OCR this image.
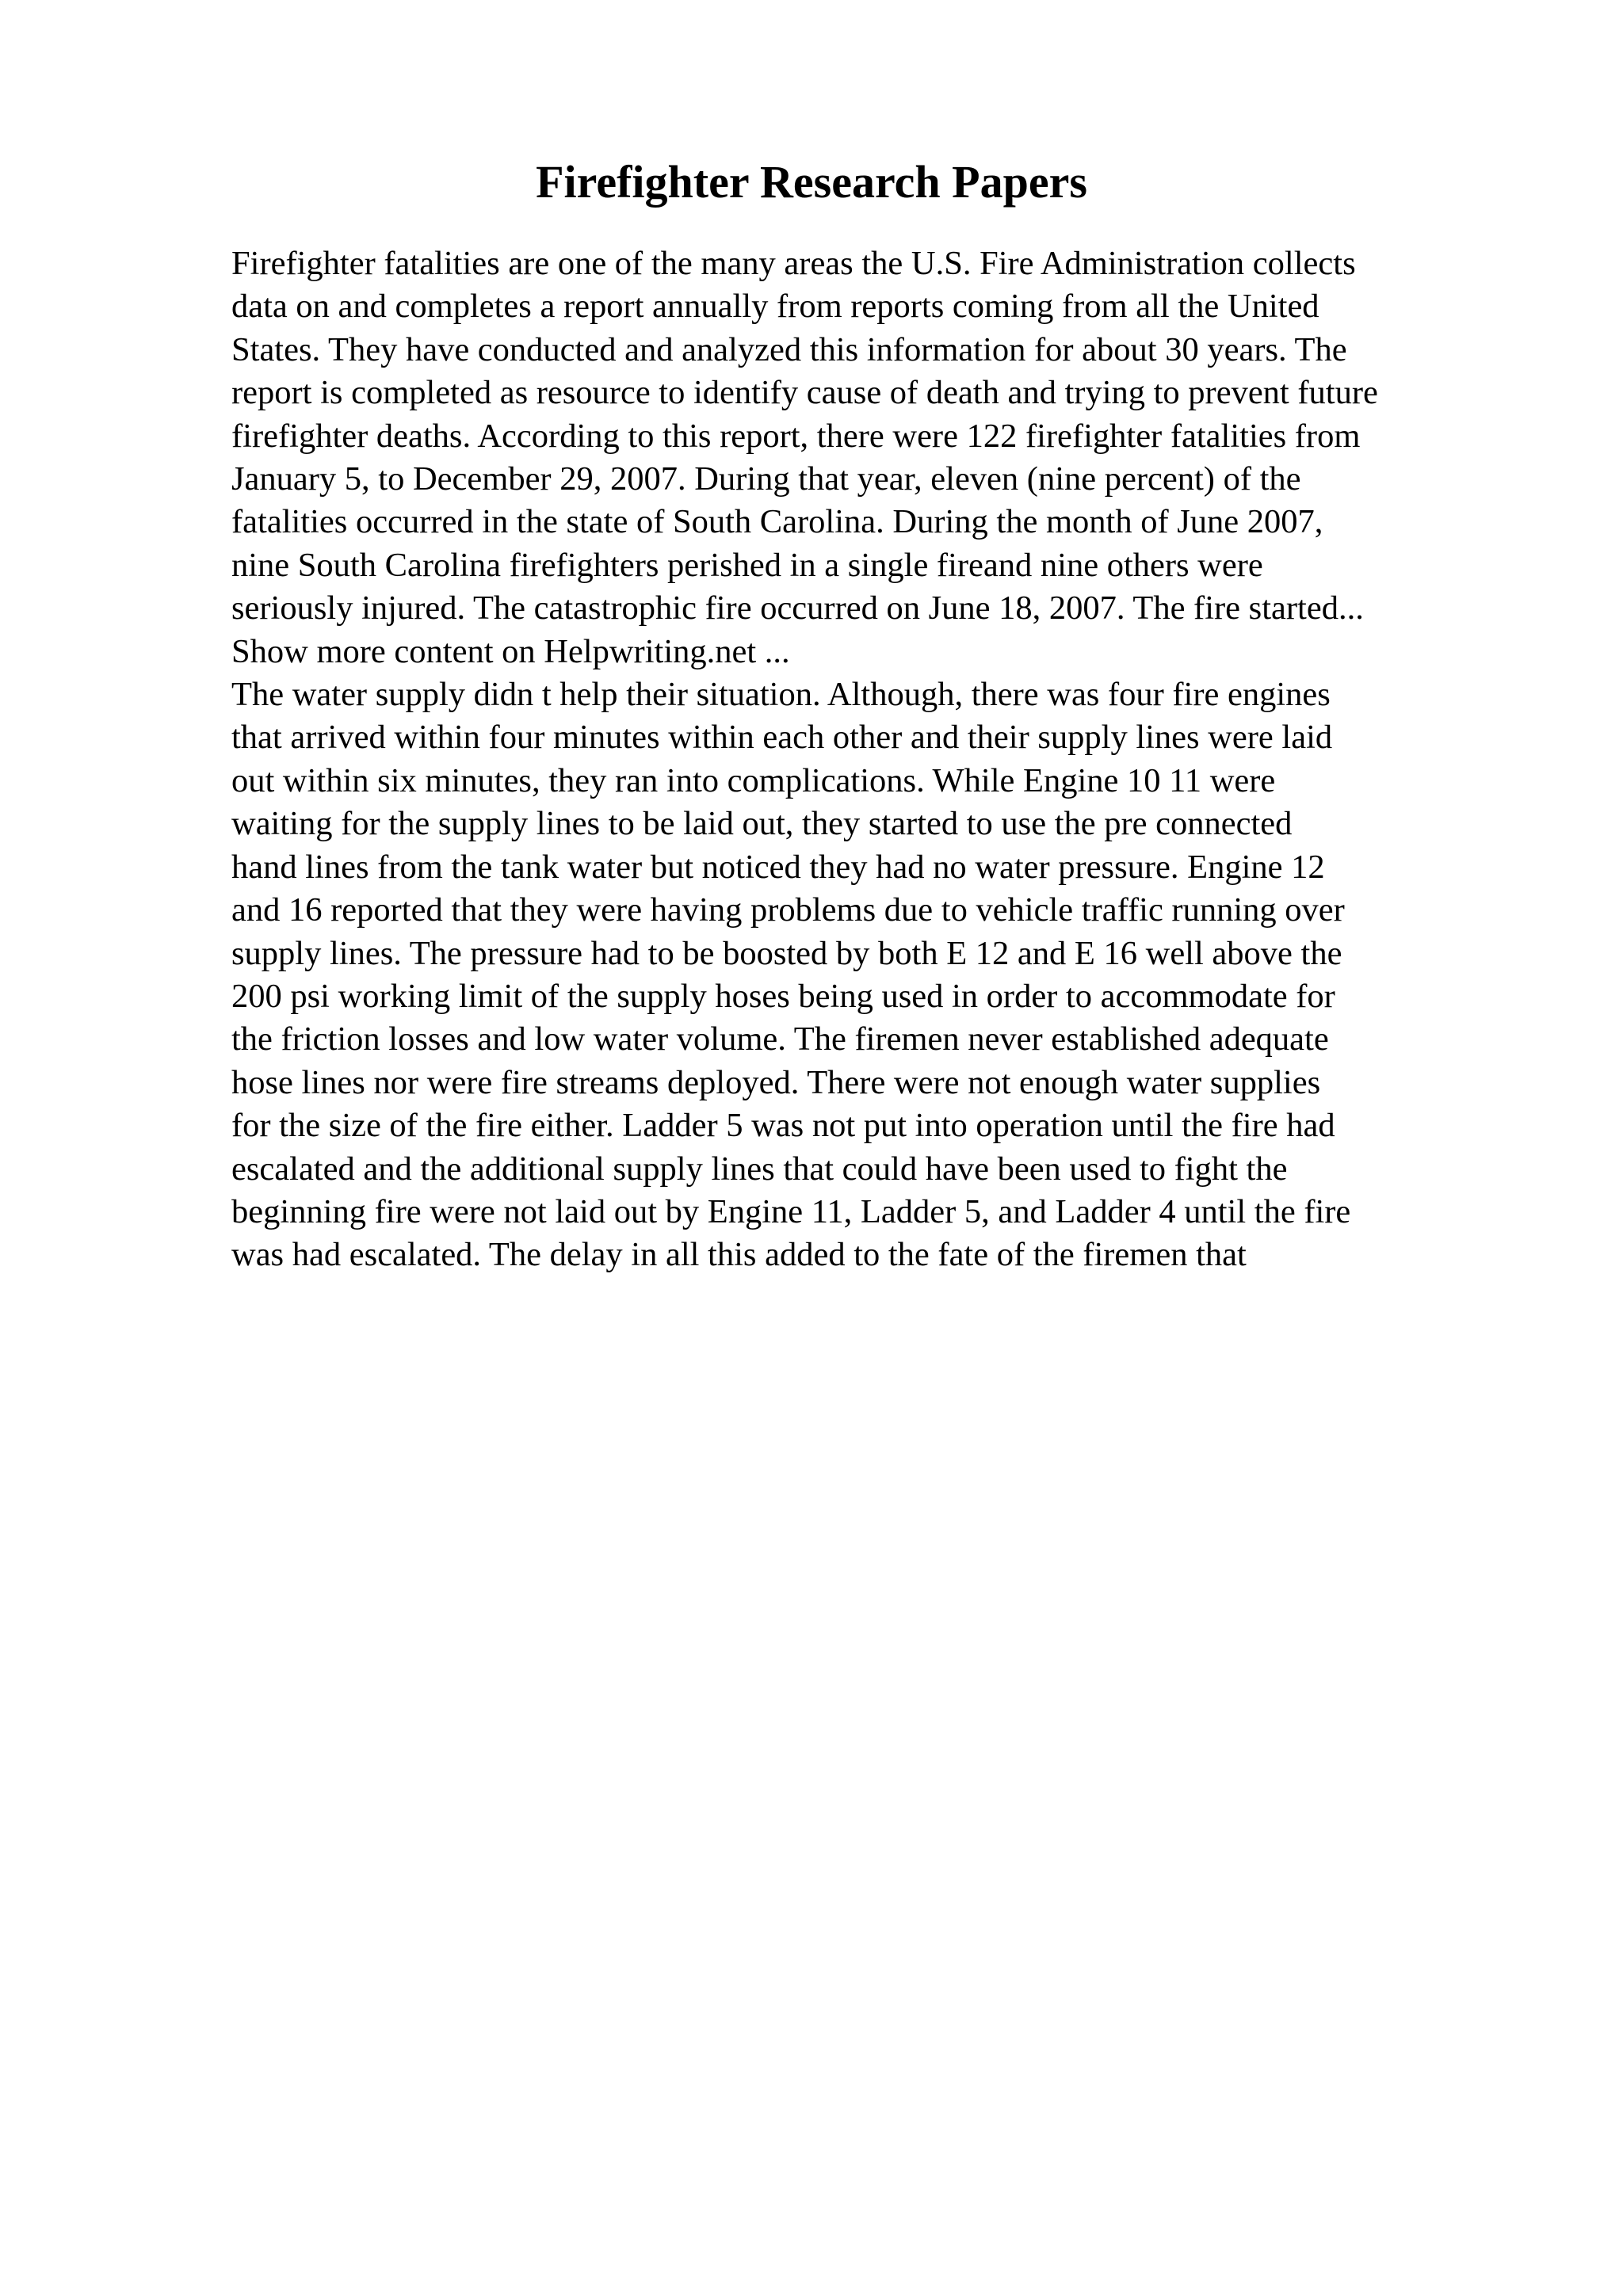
Firefighter Research Papers
Firefighter fatalities are one of the many areas the U.S. Fire Administration collects
data on and completes a report annually from reports coming from all the United
States. They have conducted and analyzed this information for about 30 years. The
report is completed as resource to identify cause of death and trying to prevent future
firefighter deaths. According to this report, there were 122 firefighter fatalities from
January 5, to December 29, 2007. During that year, eleven (nine percent) of the
fatalities occurred in the state of South Carolina. During the month of June 2007,
nine South Carolina firefighters perished in a single fireand nine others were
seriously injured. The catastrophic fire occurred on June 18, 2007. The fire started...
Show more content on Helpwriting.net ...
The water supply didn t help their situation. Although, there was four fire engines
that arrived within four minutes within each other and their supply lines were laid
out within six minutes, they ran into complications. While Engine 10 11 were
waiting for the supply lines to be laid out, they started to use the pre connected
hand lines from the tank water but noticed they had no water pressure. Engine 12
and 16 reported that they were having problems due to vehicle traffic running over
supply lines. The pressure had to be boosted by both E 12 and E 16 well above the
200 psi working limit of the supply hoses being used in order to accommodate for
the friction losses and low water volume. The firemen never established adequate
hose lines nor were fire streams deployed. There were not enough water supplies
for the size of the fire either. Ladder 5 was not put into operation until the fire had
escalated and the additional supply lines that could have been used to fight the
beginning fire were not laid out by Engine 11, Ladder 5, and Ladder 4 until the fire
was had escalated. The delay in all this added to the fate of the firemen that
